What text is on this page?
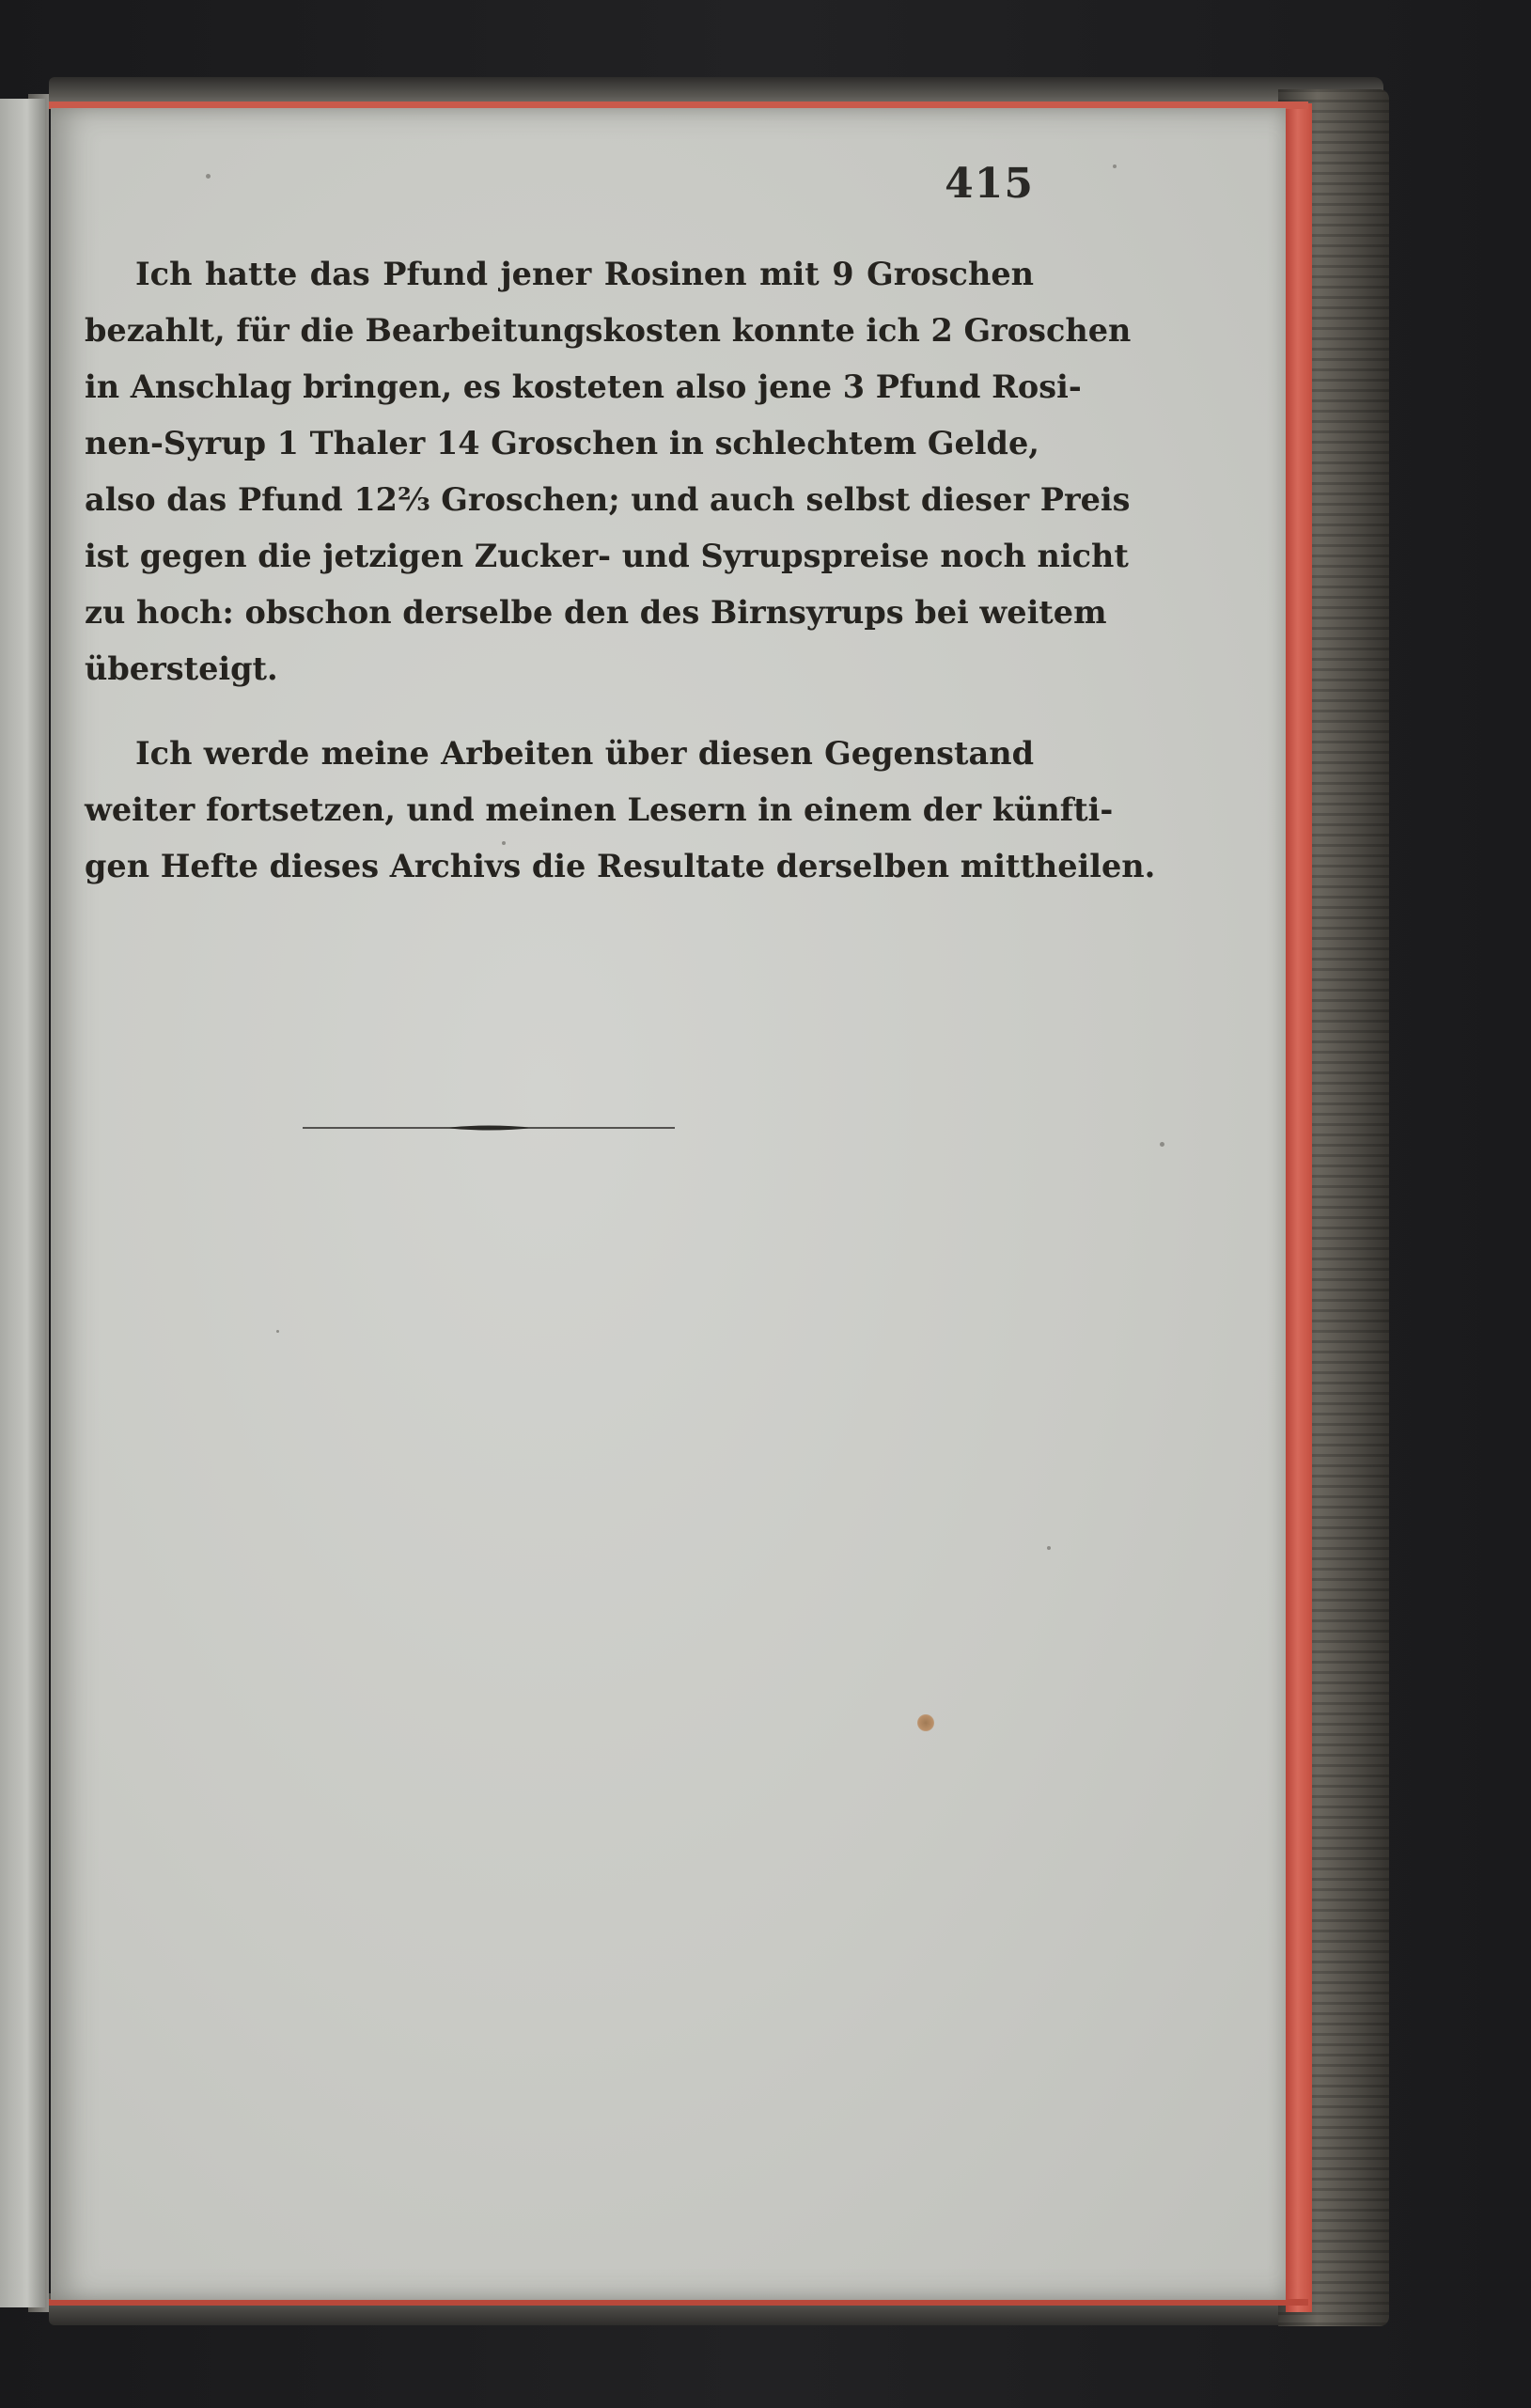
415
Ich hatte das Pfund jener Rosinen mit 9 Groschen
bezahlt, für die Bearbeitungskosten konnte ich 2 Groschen
in Anschlag bringen, es kosteten also jene 3 Pfund Rosi-
nen-Syrup 1 Thaler 14 Groschen in schlechtem Gelde,
also das Pfund 12⅔ Groschen; und auch selbst dieser Preis
ist gegen die jetzigen Zucker- und Syrupspreise noch nicht
zu hoch: obschon derselbe den des Birnsyrups bei weitem
übersteigt.
Ich werde meine Arbeiten über diesen Gegenstand
weiter fortsetzen, und meinen Lesern in einem der künfti-
gen Hefte dieses Archivs die Resultate derselben mittheilen.
